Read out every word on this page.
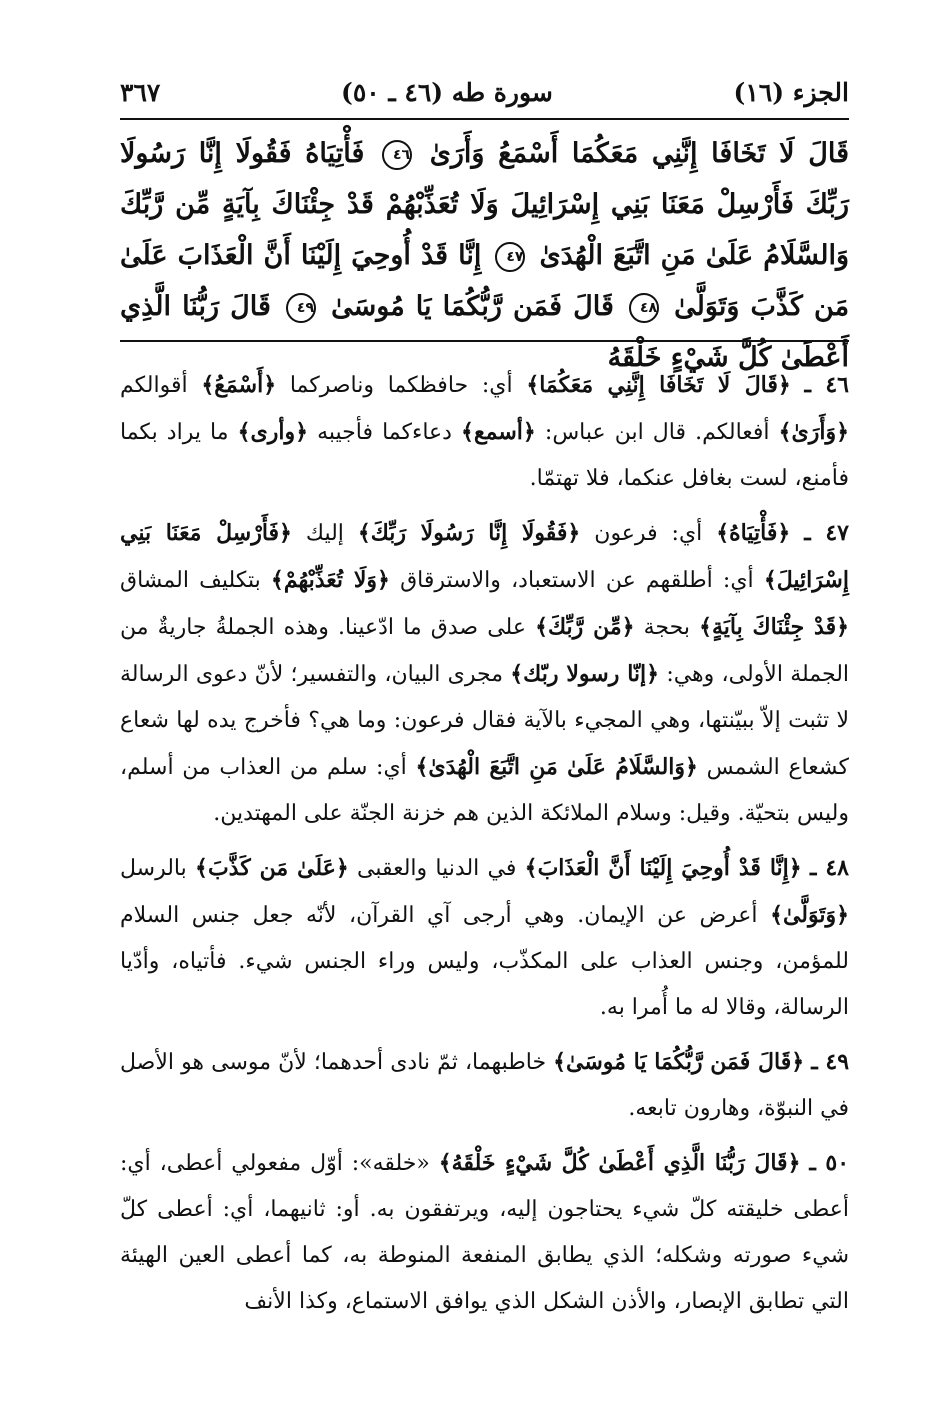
الجزء (١٦)
سورة طه (٤٦ ـ ٥٠)
٣٦٧
قَالَ لَا تَخَافَا إِنَّنِي مَعَكُمَا أَسْمَعُ وَأَرَىٰ ٤٦ فَأْتِيَاهُ فَقُولَا إِنَّا رَسُولَا رَبِّكَ فَأَرْسِلْ مَعَنَا بَنِي إِسْرَائِيلَ وَلَا تُعَذِّبْهُمْ قَدْ جِئْنَاكَ بِآيَةٍ مِّن رَّبِّكَ وَالسَّلَامُ عَلَىٰ مَنِ اتَّبَعَ الْهُدَىٰ ٤٧ إِنَّا قَدْ أُوحِيَ إِلَيْنَا أَنَّ الْعَذَابَ عَلَىٰ مَن كَذَّبَ وَتَوَلَّىٰ ٤٨ قَالَ فَمَن رَّبُّكُمَا يَا مُوسَىٰ ٤٩ قَالَ رَبُّنَا الَّذِي أَعْطَىٰ كُلَّ شَيْءٍ خَلْقَهُ

٤٦ ـ ﴿قَالَ لَا تَخَافَا إِنَّنِي مَعَكُمَا﴾ أي: حافظكما وناصركما ﴿أَسْمَعُ﴾ أقوالكم ﴿وَأَرَىٰ﴾ أفعالكم. قال ابن عباس: ﴿أسمع﴾ دعاءكما فأجيبه ﴿وأرى﴾ ما يراد بكما فأمنع، لست بغافل عنكما، فلا تهتمّا.

٤٧ ـ ﴿فَأْتِيَاهُ﴾ أي: فرعون ﴿فَقُولَا إِنَّا رَسُولَا رَبِّكَ﴾ إليك ﴿فَأَرْسِلْ مَعَنَا بَنِي إِسْرَائِيلَ﴾ أي: أطلقهم عن الاستعباد، والاسترقاق ﴿وَلَا تُعَذِّبْهُمْ﴾ بتكليف المشاق ﴿قَدْ جِئْنَاكَ بِآيَةٍ﴾ بحجة ﴿مِّن رَّبِّكَ﴾ على صدق ما ادّعينا. وهذه الجملةُ جاريةٌ من الجملة الأولى، وهي: ﴿إنّا رسولا ربّك﴾ مجرى البيان، والتفسير؛ لأنّ دعوى الرسالة لا تثبت إلاّ ببيّنتها، وهي المجيء بالآية فقال فرعون: وما هي؟ فأخرج يده لها شعاع كشعاع الشمس ﴿وَالسَّلَامُ عَلَىٰ مَنِ اتَّبَعَ الْهُدَىٰ﴾ أي: سلم من العذاب من أسلم، وليس بتحيّة. وقيل: وسلام الملائكة الذين هم خزنة الجنّة على المهتدين.

٤٨ ـ ﴿إِنَّا قَدْ أُوحِيَ إِلَيْنَا أَنَّ الْعَذَابَ﴾ في الدنيا والعقبى ﴿عَلَىٰ مَن كَذَّبَ﴾ بالرسل ﴿وَتَوَلَّىٰ﴾ أعرض عن الإيمان. وهي أرجى آي القرآن، لأنّه جعل جنس السلام للمؤمن، وجنس العذاب على المكذّب، وليس وراء الجنس شيء. فأتياه، وأدّيا الرسالة، وقالا له ما أُمرا به.

٤٩ ـ ﴿قَالَ فَمَن رَّبُّكُمَا يَا مُوسَىٰ﴾ خاطبهما، ثمّ نادى أحدهما؛ لأنّ موسى هو الأصل في النبوّة، وهارون تابعه.

٥٠ ـ ﴿قَالَ رَبُّنَا الَّذِي أَعْطَىٰ كُلَّ شَيْءٍ خَلْقَهُ﴾ «خلقه»: أوّل مفعولي أعطى، أي: أعطى خليقته كلّ شيء يحتاجون إليه، ويرتفقون به. أو: ثانيهما، أي: أعطى كلّ شيء صورته وشكله؛ الذي يطابق المنفعة المنوطة به، كما أعطى العين الهيئة التي تطابق الإبصار، والأذن الشكل الذي يوافق الاستماع، وكذا الأنف
